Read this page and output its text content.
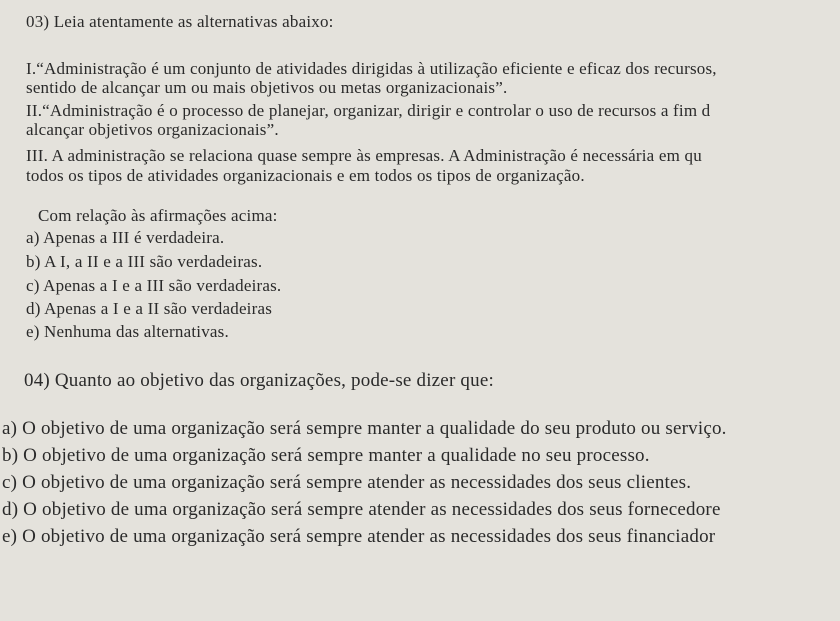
03) Leia atentamente as alternativas abaixo:
I.“Administração é um conjunto de atividades dirigidas à utilização eficiente e eficaz dos recursos,
sentido de alcançar um ou mais objetivos ou metas organizacionais”.
II.“Administração é o processo de planejar, organizar, dirigir e controlar o uso de recursos a fim d
alcançar objetivos organizacionais”.
III. A administração se relaciona quase sempre às empresas. A Administração é necessária em qu
todos os tipos de atividades organizacionais e em todos os tipos de organização.
Com relação às afirmações acima:
a) Apenas a III é verdadeira.
b) A I, a II e a III são verdadeiras.
c) Apenas a I e a III são verdadeiras.
d) Apenas a I e a II são verdadeiras
e) Nenhuma das alternativas.
04) Quanto ao objetivo das organizações, pode-se dizer que:
a) O objetivo de uma organização será sempre manter a qualidade do seu produto ou serviço.
b) O objetivo de uma organização será sempre manter a qualidade no seu processo.
c) O objetivo de uma organização será sempre atender as necessidades dos seus clientes.
d) O objetivo de uma organização será sempre atender as necessidades dos seus fornecedore
e) O objetivo de uma organização será sempre atender as necessidades dos seus financiador
